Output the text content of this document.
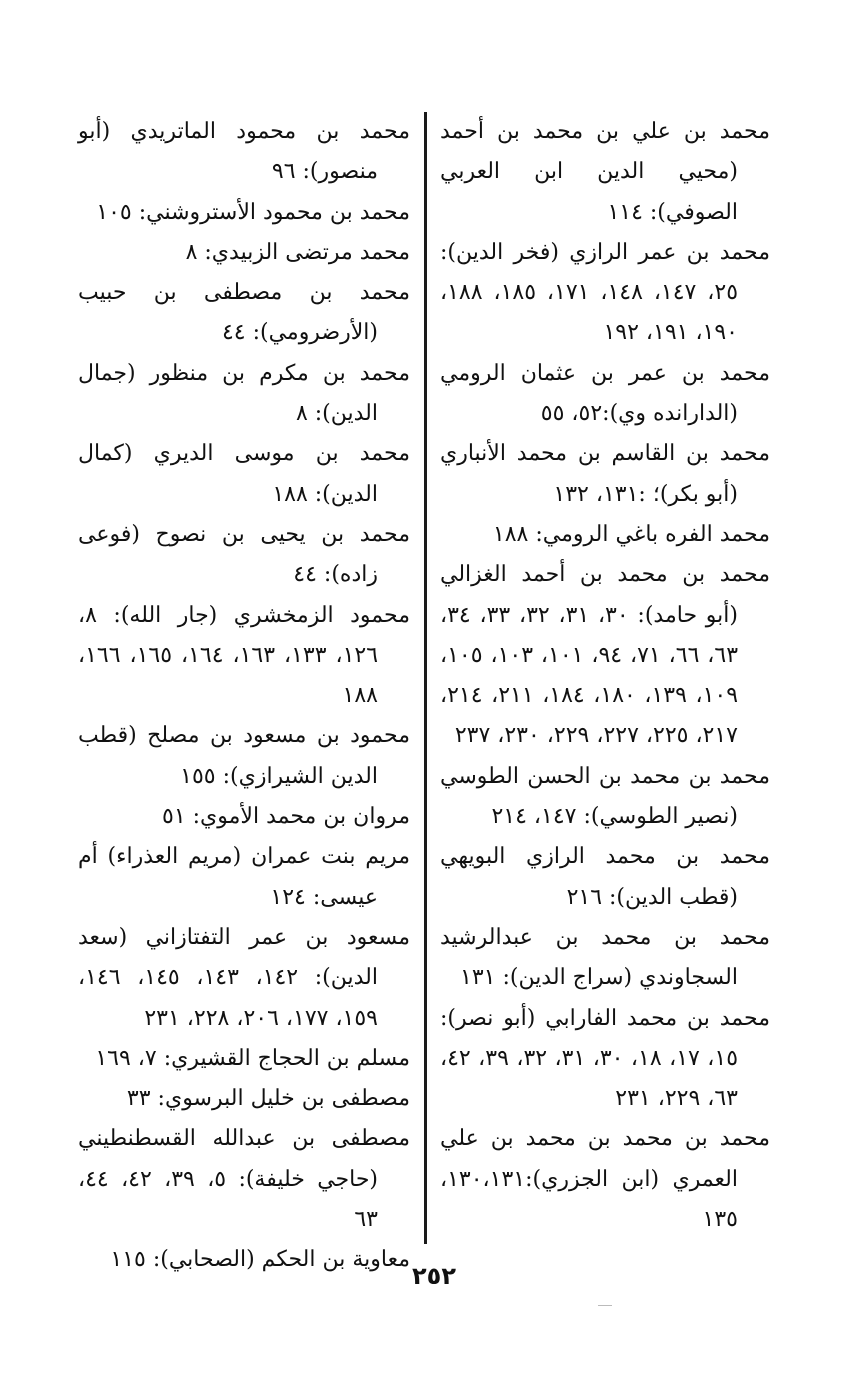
محمد بن علي بن محمد بن أحمد (محيي الدين ابن العربي الصوفي): ١١٤

محمد بن عمر الرازي (فخر الدين): ٢٥، ١٤٧، ١٤٨، ١٧١، ١٨٥، ١٨٨، ١٩٠، ١٩١، ١٩٢

محمد بن عمر بن عثمان الرومي (الدارانده وي):٥٢، ٥٥

محمد بن القاسم بن محمد الأنباري (أبو بكر)؛ :١٣١، ١٣٢

محمد الفره باغي الرومي: ١٨٨

محمد بن محمد بن أحمد الغزالي (أبو حامد): ٣٠، ٣١، ٣٢، ٣٣، ٣٤، ٦٣، ٦٦، ٧١، ٩٤، ١٠١، ١٠٣، ١٠٥، ١٠٩، ١٣٩، ١٨٠، ١٨٤، ٢١١، ٢١٤، ٢١٧، ٢٢٥، ٢٢٧، ٢٢٩، ٢٣٠، ٢٣٧

محمد بن محمد بن الحسن الطوسي (نصير الطوسي): ١٤٧، ٢١٤

محمد بن محمد الرازي البويهي (قطب الدين): ٢١٦

محمد بن محمد بن عبدالرشيد السجاوندي (سراج الدين): ١٣١

محمد بن محمد الفارابي (أبو نصر): ١٥، ١٧، ١٨، ٣٠، ٣١، ٣٢، ٣٩، ٤٢، ٦٣، ٢٢٩، ٢٣١

محمد بن محمد بن محمد بن علي العمري (ابن الجزري):١٣٠،١٣١، ١٣٥

محمد بن محمود الماتريدي (أبو منصور): ٩٦

محمد بن محمود الأستروشني: ١٠٥

محمد مرتضى الزبيدي: ٨

محمد بن مصطفى بن حبيب (الأرضرومي): ٤٤

محمد بن مكرم بن منظور (جمال الدين): ٨

محمد بن موسى الديري (كمال الدين): ١٨٨

محمد بن يحيى بن نصوح (فوعى زاده): ٤٤

محمود الزمخشري (جار الله): ٨، ١٢٦، ١٣٣، ١٦٣، ١٦٤، ١٦٥، ١٦٦، ١٨٨

محمود بن مسعود بن مصلح (قطب الدين الشيرازي): ١٥٥

مروان بن محمد الأموي: ٥١

مريم بنت عمران (مريم العذراء) أم عيسى: ١٢٤

مسعود بن عمر التفتازاني (سعد الدين): ١٤٢، ١٤٣، ١٤٥، ١٤٦، ١٥٩، ١٧٧، ٢٠٦، ٢٢٨، ٢٣١

مسلم بن الحجاج القشيري: ٧، ١٦٩

مصطفى بن خليل البرسوي: ٣٣

مصطفى بن عبدالله القسطنطيني (حاجي خليفة): ٥، ٣٩، ٤٢، ٤٤، ٦٣

معاوية بن الحكم (الصحابي): ١١٥

٢٥٢
